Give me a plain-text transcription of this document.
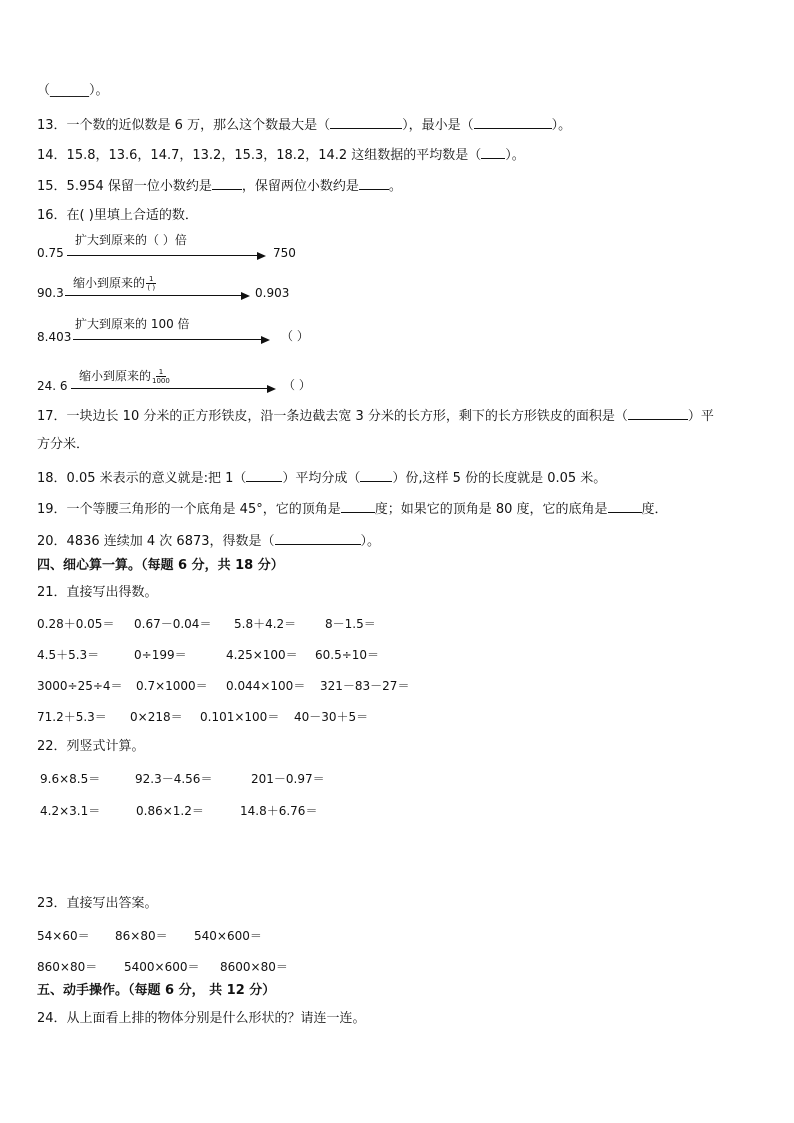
（______）。
13．一个数的近似数是 6 万，那么这个数最大是（	），最小是（	）。
14．15.8，13.6，14.7，13.2，15.3，18.2，14.2 这组数据的平均数是（ ）。
15．5.954 保留一位小数约是 ，保留两位小数约是 。
16．在( )里填上合适的数．
0.75
扩大到原来的（ ）倍
750
90.3
缩小到原来的 $\frac{1}{( )}$
0.903
8.403
扩大到原来的 100 倍
（ ）
24. 6
缩小到原来的 $\frac{1}{1000}$	（ ）
17．一块边长 10 分米的正方形铁皮，沿一条边截去宽 3 分米的长方形，剩下的长方形铁皮的面积是（	）平
方分米．
18．0.05 米表示的意义就是:把 1（	）平均分成（ ）份,这样 5 份的长度就是 0.05 米。
19．一个等腰三角形的一个底角是 45°，它的顶角是	度；如果它的顶角是 80 度，它的底角是	度．
20．4836 连续加 4 次 6873，得数是（	）。
四、细心算一算。（每题 6 分，共 18 分）
21．直接写出得数。
0.28＋0.05＝ 0.67－0.04＝ 5.8＋4.2＝ 8－1.5＝
4.5＋5.3＝	0÷199＝	4.25×100＝ 60.5÷10＝
3000÷25÷4＝ 0.7×1000＝ 0.044×100＝ 321－83－27＝
71.2＋5.3＝ 0×218＝ 0.101×100＝ 40－30＋5＝
22．列竖式计算。
9.6×8.5＝	92.3－4.56＝	201－0.97＝
4.2×3.1＝	0.86×1.2＝	14.8＋6.76＝
23．直接写出答案。
54×60＝ 86×80＝ 540×600＝
860×80＝ 5400×600＝ 8600×80＝
五、动手操作。（每题 6 分， 共 12 分）
24．从上面看上排的物体分别是什么形状的？请连一连。
